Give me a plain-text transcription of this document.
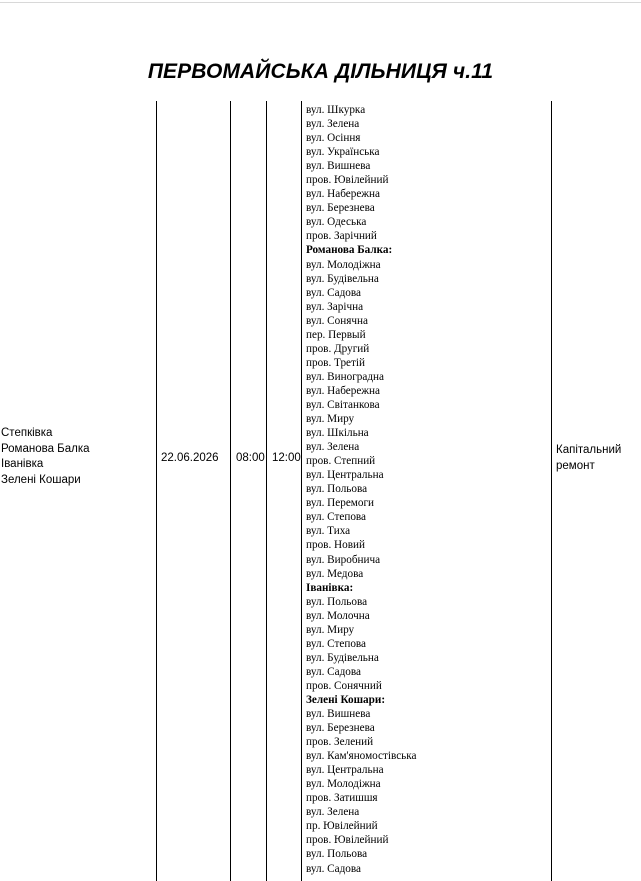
ПЕРВОМАЙСЬКА ДІЛЬНИЦЯ ч.11
Степківка
Романова Балка
Іванівка
Зелені Кошари
22.06.2026 08:00 12:00
вул. Шкурка
вул. Зелена
вул. Осіння
вул. Українська
вул. Вишнева
пров. Ювілейний
вул. Набережна
вул. Березнева
вул. Одеська
пров. Зарічний
Романова Балка:
вул. Молодіжна
вул. Будівельна
вул. Садова
вул. Зарічна
вул. Сонячна
пер. Первый
пров. Другий
пров. Третій
вул. Виноградна
вул. Набережна
вул. Світанкова
вул. Миру
вул. Шкільна
вул. Зелена
пров. Степний
вул. Центральна
вул. Польова
вул. Перемоги
вул. Степова
вул. Тиха
пров. Новий
вул. Виробнича
вул. Медова
Іванівка:
вул. Польова
вул. Молочна
вул. Миру
вул. Степова
вул. Будівельна
вул. Садова
пров. Сонячний
Зелені Кошари:
вул. Вишнева
вул. Березнева
пров. Зелений
вул. Кам'яномостівська
вул. Центральна
вул. Молодіжна
пров. Затишшя
вул. Зелена
пр. Ювілейний
пров. Ювілейний
вул. Польова
вул. Садова
Капітальний ремонт
